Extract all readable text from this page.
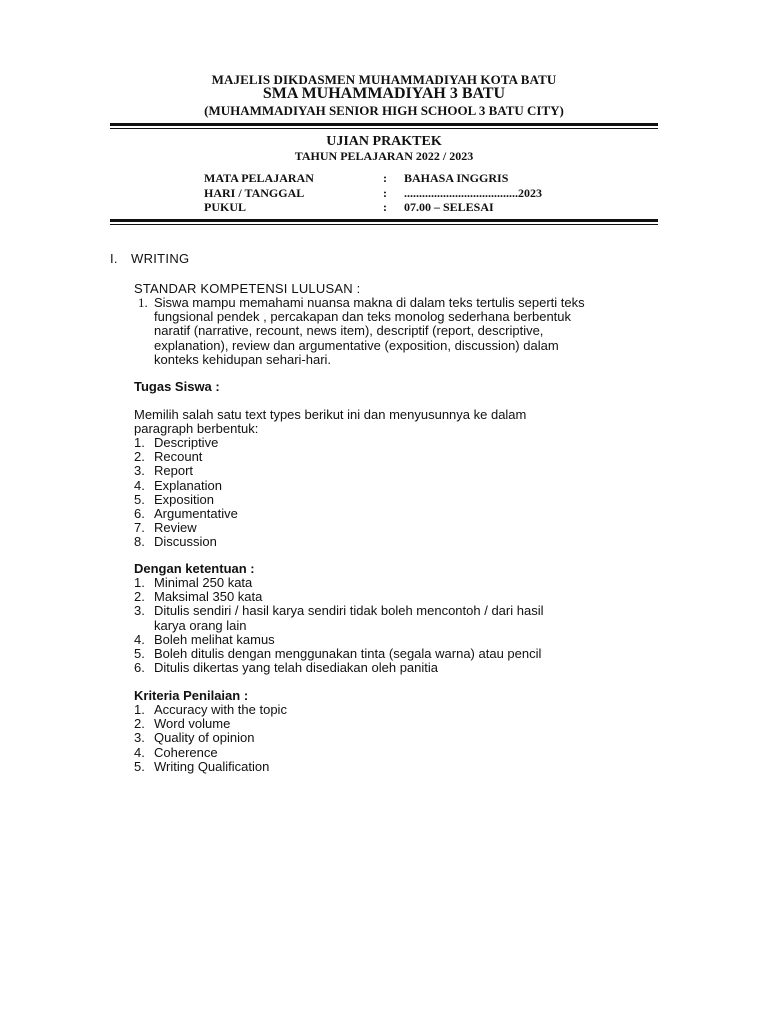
MAJELIS DIKDASMEN MUHAMMADIYAH KOTA BATU
SMA MUHAMMADIYAH 3 BATU
(MUHAMMADIYAH SENIOR HIGH SCHOOL 3 BATU CITY)
UJIAN PRAKTEK
TAHUN PELAJARAN 2022 / 2023
MATA PELAJARAN	: BAHASA INGGRIS
HARI / TANGGAL	: ......................................2023
PUKUL	: 07.00 – SELESAI
I. WRITING
STANDAR KOMPETENSI LULUSAN :
1. Siswa mampu memahami nuansa makna di dalam teks tertulis seperti teks
fungsional pendek , percakapan dan teks monolog sederhana berbentuk
naratif (narrative, recount, news item), descriptif (report, descriptive,
explanation), review dan argumentative (exposition, discussion) dalam
konteks kehidupan sehari-hari.
Tugas Siswa :
Memilih salah satu text types berikut ini dan menyusunnya ke dalam
paragraph berbentuk:
1. Descriptive
2. Recount
3. Report
4. Explanation
5. Exposition
6. Argumentative
7. Review
8. Discussion
Dengan ketentuan :
1. Minimal 250 kata
2. Maksimal 350 kata
3. Ditulis sendiri / hasil karya sendiri tidak boleh mencontoh / dari hasil
karya orang lain
4. Boleh melihat kamus
5. Boleh ditulis dengan menggunakan tinta (segala warna) atau pencil
6. Ditulis dikertas yang telah disediakan oleh panitia
Kriteria Penilaian :
1. Accuracy with the topic
2. Word volume
3. Quality of opinion
4. Coherence
5. Writing Qualification
